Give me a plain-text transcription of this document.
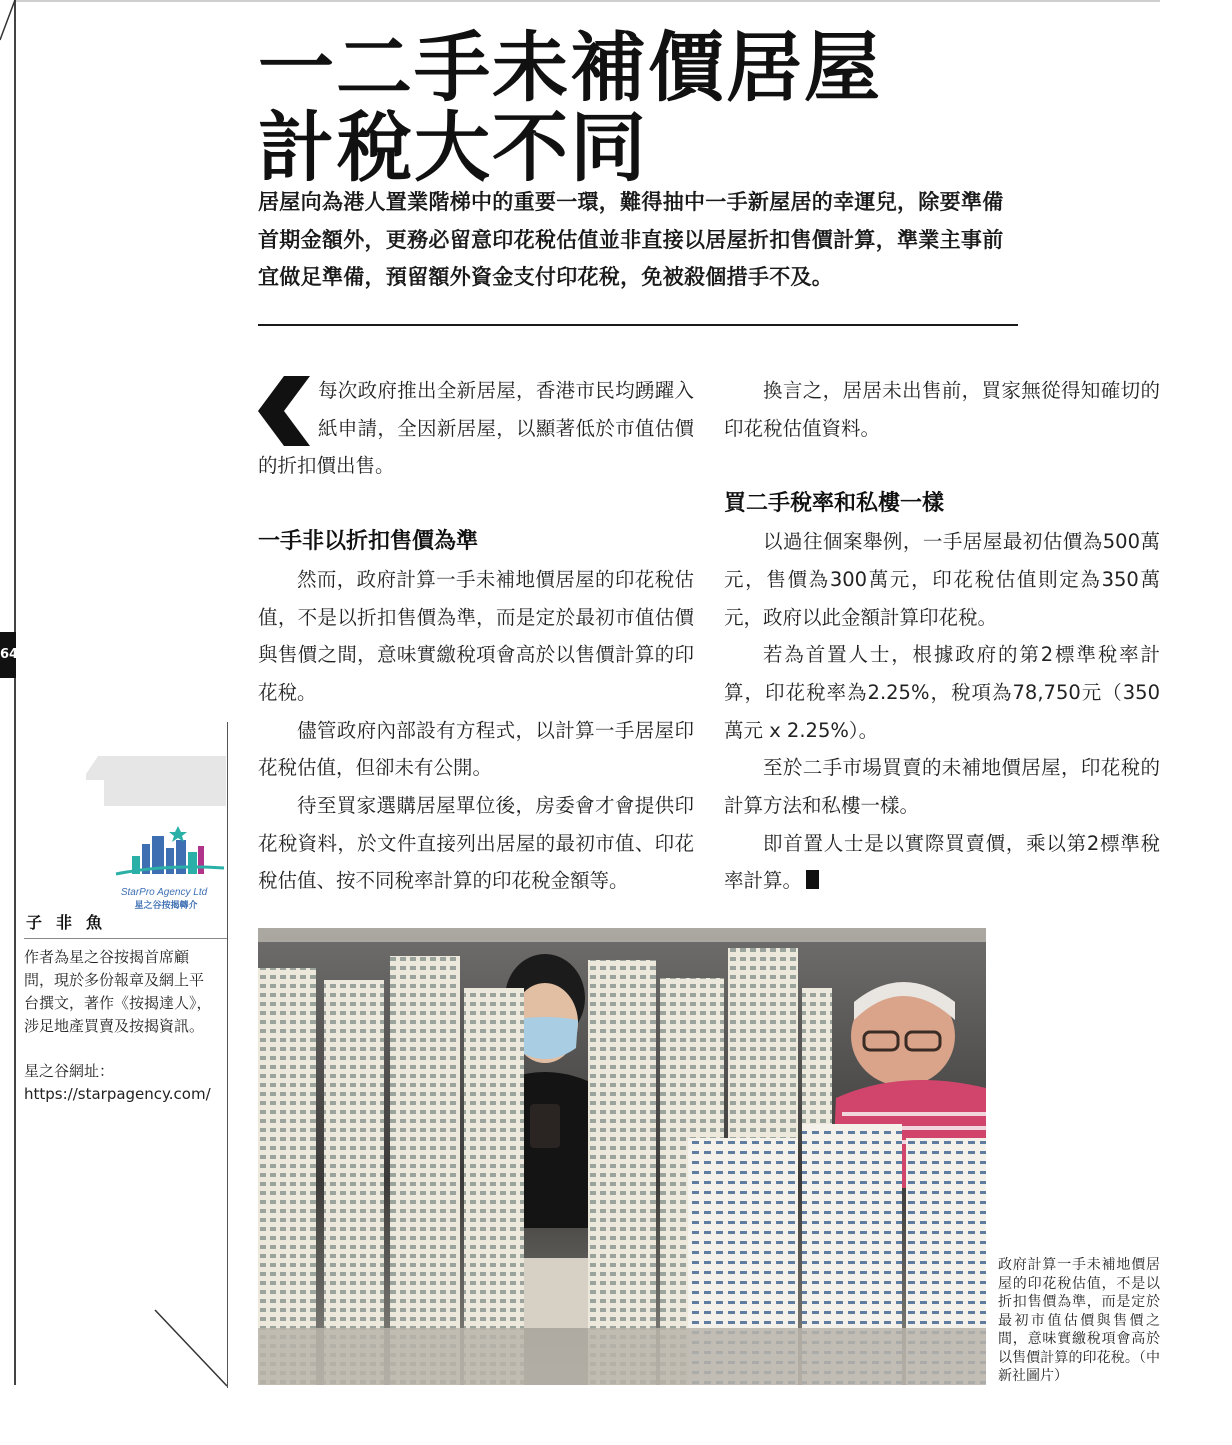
64
一二手未補價居屋
計稅大不同

居屋向為港人置業階梯中的重要一環，難得抽中一手新屋居的幸運兒，除要準備首期金額外，更務必留意印花稅估值並非直接以居屋折扣售價計算，準業主事前宜做足準備，預留額外資金支付印花稅，免被殺個措手不及。

每次政府推出全新居屋，香港市民均踴躍入紙申請，全因新居屋，以顯著低於市值估價的折扣價出售。

一手非以折扣售價為準

然而，政府計算一手未補地價居屋的印花稅估值，不是以折扣售價為準，而是定於最初市值估價與售價之間，意味實繳稅項會高於以售價計算的印花稅。

儘管政府內部設有方程式，以計算一手居屋印花稅估值，但卻未有公開。

待至買家選購居屋單位後，房委會才會提供印花稅資料，於文件直接列出居屋的最初市值、印花稅估值、按不同稅率計算的印花稅金額等。

換言之，居居未出售前，買家無從得知確切的印花稅估值資料。

買二手稅率和私樓一樣

以過往個案舉例，一手居屋最初估價為500萬元，售價為300萬元，印花稅估值則定為350萬元，政府以此金額計算印花稅。

若為首置人士，根據政府的第2標準稅率計算，印花稅率為2.25%，稅項為78,750元（350萬元 x 2.25%）。

至於二手市場買賣的未補地價居屋，印花稅的計算方法和私樓一樣。

即首置人士是以實際買賣價，乘以第2標準稅率計算。

StarPro Agency Ltd
星之谷按揭轉介
子非魚

作者為星之谷按揭首席顧問，現於多份報章及網上平台撰文，著作《按揭達人》，涉足地產買賣及按揭資訊。

星之谷網址：
https://starpagency.com/

政府計算一手未補地價居屋的印花稅估值，不是以折扣售價為準，而是定於最初市值估價與售價之間，意味實繳稅項會高於以售價計算的印花稅。（中新社圖片）
